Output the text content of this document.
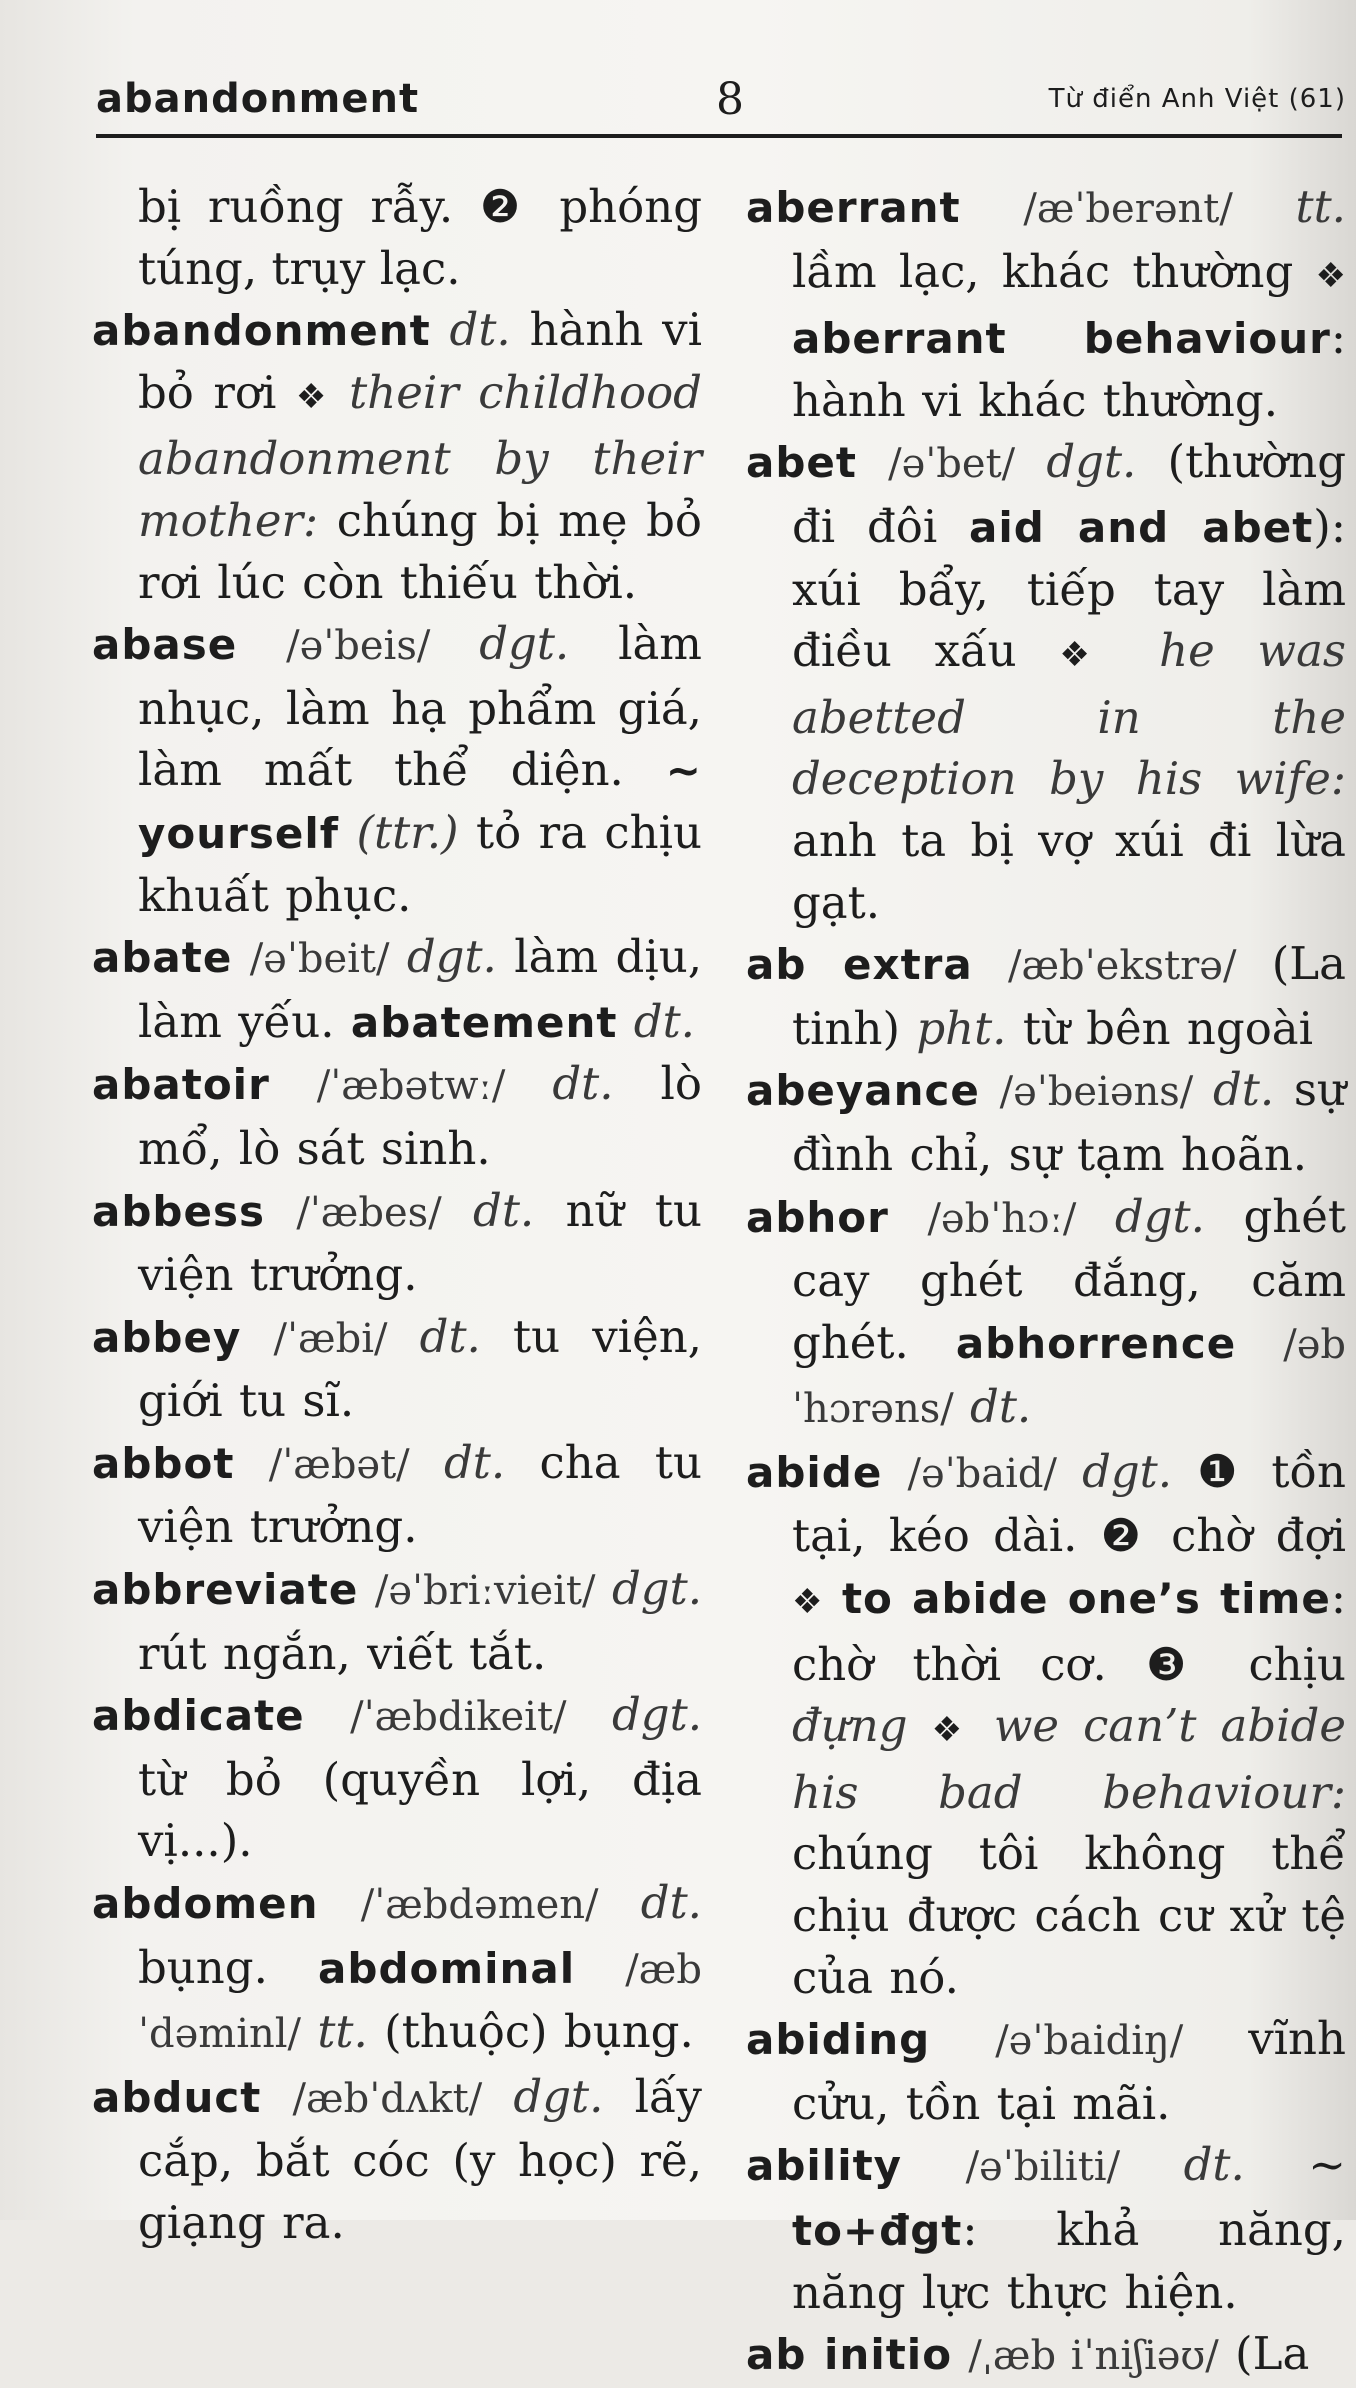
abandonment	8	Từ điển Anh Việt (61)
bị ruồng rẫy. ❷ phóng túng, trụy lạc.
abandonment dt. hành vi bỏ rơi ❖ their childhood abandonment by their mother: chúng bị mẹ bỏ rơi lúc còn thiếu thời.
abase /əˈbeis/ dgt. làm nhục, làm hạ phẩm giá, làm mất thể diện. ~ yourself (ttr.) tỏ ra chịu khuất phục.
abate /əˈbeit/ dgt. làm dịu, làm yếu. abatement dt.
abatoir /ˈæbətwː/ dt. lò mổ, lò sát sinh.
abbess /ˈæbes/ dt. nữ tu viện trưởng.
abbey /ˈæbi/ dt. tu viện, giới tu sĩ.
abbot /ˈæbət/ dt. cha tu viện trưởng.
abbreviate /əˈbriːvieit/ dgt. rút ngắn, viết tắt.
abdicate /ˈæbdikeit/ dgt. từ bỏ (quyền lợi, địa vị...).
abdomen /ˈæbdəmen/ dt. bụng. abdominal /æbˈdəminl/ tt. (thuộc) bụng.
abduct /æbˈdʌkt/ dgt. lấy cắp, bắt cóc (y học) rẽ, giạng ra.
aberrant /æˈberənt/ tt. lầm lạc, khác thường ❖ aberrant behaviour: hành vi khác thường.
abet /əˈbet/ dgt. (thường đi đôi aid and abet): xúi bẩy, tiếp tay làm điều xấu ❖ he was abetted in the deception by his wife: anh ta bị vợ xúi đi lừa gạt.
ab extra /æbˈekstrə/ (La tinh) pht. từ bên ngoài
abeyance /əˈbeiəns/ dt. sự đình chỉ, sự tạm hoãn.
abhor /əbˈhɔː/ dgt. ghét cay ghét đắng, căm ghét. abhorrence /əbˈhɔrəns/ dt.
abide /əˈbaid/ dgt. ❶ tồn tại, kéo dài. ❷ chờ đợi ❖ to abide one’s time: chờ thời cơ. ❸ chịu đựng ❖ we can’t abide his bad behaviour: chúng tôi không thể chịu được cách cư xử tệ của nó.
abiding /əˈbaidiŋ/ vĩnh cửu, tồn tại mãi.
ability /əˈbiliti/ dt. ~ to+đgt: khả năng, năng lực thực hiện.
ab initio /ˌæb iˈniʃiəʊ/ (La
